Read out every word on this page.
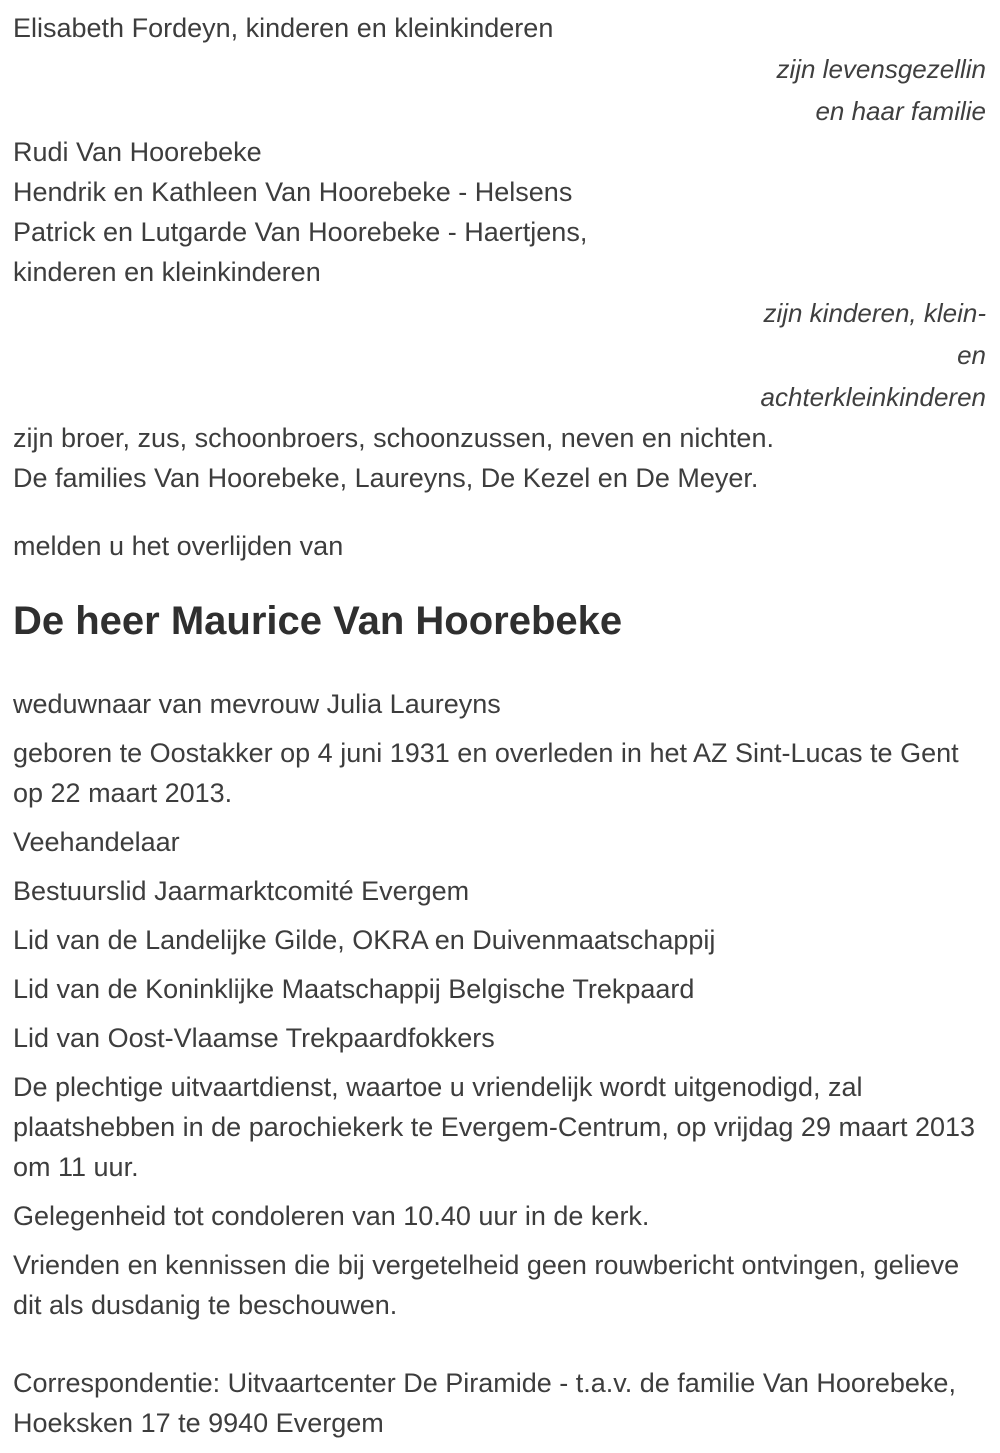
Elisabeth Fordeyn, kinderen en kleinkinderen

zijn levensgezellin

en haar familie

Rudi Van Hoorebeke

Hendrik en Kathleen Van Hoorebeke - Helsens

Patrick en Lutgarde Van Hoorebeke - Haertjens,

kinderen en kleinkinderen

zijn kinderen, klein-

en

achterkleinkinderen

zijn broer, zus, schoonbroers, schoonzussen, neven en nichten.

De families Van Hoorebeke, Laureyns, De Kezel en De Meyer.

melden u het overlijden van

De heer Maurice Van Hoorebeke

weduwnaar van mevrouw Julia Laureyns

geboren te Oostakker op 4 juni 1931 en overleden in het AZ Sint-Lucas te Gent op 22 maart 2013.

Veehandelaar

Bestuurslid Jaarmarktcomité Evergem

Lid van de Landelijke Gilde, OKRA en Duivenmaatschappij

Lid van de Koninklijke Maatschappij Belgische Trekpaard

Lid van Oost-Vlaamse Trekpaardfokkers

De plechtige uitvaartdienst, waartoe u vriendelijk wordt uitgenodigd, zal plaatshebben in de parochiekerk te Evergem-Centrum, op vrijdag 29 maart 2013 om 11 uur.

Gelegenheid tot condoleren van 10.40 uur in de kerk.

Vrienden en kennissen die bij vergetelheid geen rouwbericht ontvingen, gelieve dit als dusdanig te beschouwen.

Correspondentie: Uitvaartcenter De Piramide - t.a.v. de familie Van Hoorebeke, Hoeksken 17 te 9940 Evergem
